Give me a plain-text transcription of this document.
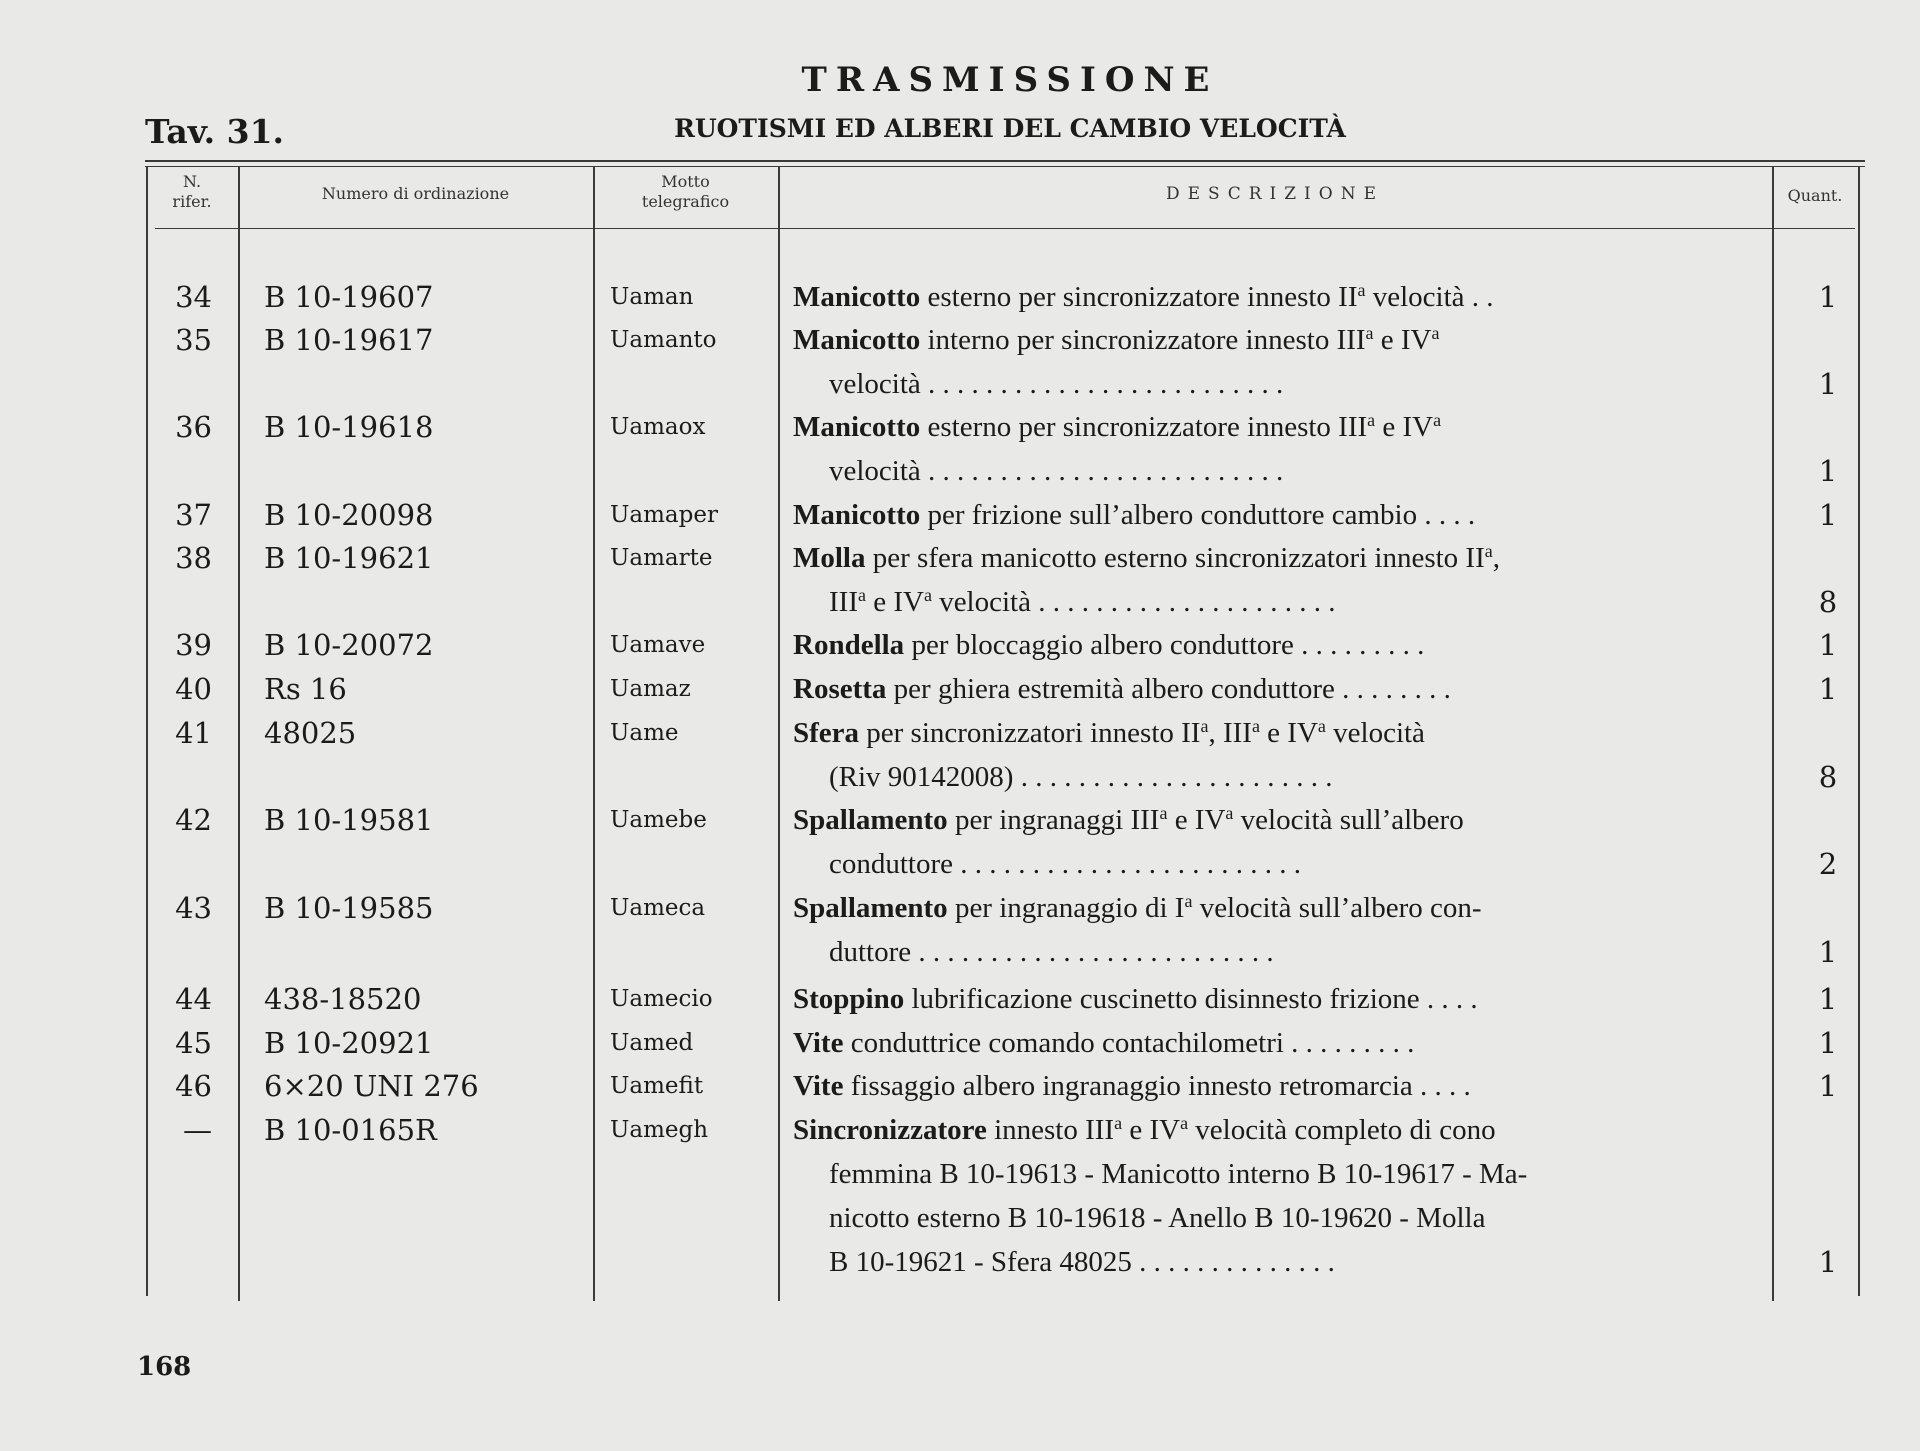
Tav. 31.
TRASMISSIONE
RUOTISMI ED ALBERI DEL CAMBIO VELOCITÀ
N.
rifer.	Numero di ordinazione
Motto
telegrafico	DESCRIZIONE	Quant.
34 B 10-19607	Uaman	Manicotto esterno per sincronizzatore innesto $II^a$ velocità . .	1
35 B 10-19617	Uamanto	Manicotto interno per sincronizzatore innesto III$^a$ e $IV^a$
velocità . . . . . . . . . . . . . . . . . . . . . . . . .	1
36 B 10-19618	Uamaox	Manicotto esterno per sincronizzatore innesto III$^a$ e $IV^a$
velocità . . . . . . . . . . . . . . . . . . . . . . . . .	1
37 B 10-20098	Uamaper	Manicotto per frizione sull’albero conduttore cambio . . . .	1
38 B 10-19621	Uamarte	Molla per sfera manicotto esterno sincronizzatori innesto $II^a$,
III$^a$ e $IV^a$ velocità . . . . . . . . . . . . . . . . . . . . .	8
39 B 10-20072	Uamave	Rondella per bloccaggio albero conduttore . . . . . . . . .	1
40 Rs 16	Uamaz	Rosetta per ghiera estremità albero conduttore . . . . . . . .	1
41 48025	Uame	Sfera per sincronizzatori innesto $II^a$, III$^a$ e $IV^a$ velocità
(Riv 90142008) . . . . . . . . . . . . . . . . . . . . . .	8
42 B 10-19581	Uamebe	Spallamento per ingranaggi III$^a$ e $IV^a$ velocità sull’albero
conduttore . . . . . . . . . . . . . . . . . . . . . . . .	2
43 B 10-19585	Uameca	Spallamento per ingranaggio di $I^a$ velocità sull’albero con-
duttore . . . . . . . . . . . . . . . . . . . . . . . . .	1
44 438-18520	Uamecio	Stoppino lubrificazione cuscinetto disinnesto frizione . . . .	1
45 B 10-20921	Uamed	Vite conduttrice comando contachilometri . . . . . . . . .	1
46 6×20 UNI 276	Uamefit	Vite fissaggio albero ingranaggio innesto retromarcia . . . .	1
— B 10-0165R	Uamegh	Sincronizzatore innesto III$^a$ e $IV^a$ velocità completo di cono
femmina B 10-19613 - Manicotto interno B 10-19617 - Ma-
nicotto esterno B 10-19618 - Anello B 10-19620 - Molla
B 10-19621 - Sfera 48025 . . . . . . . . . . . . . .	1
168
